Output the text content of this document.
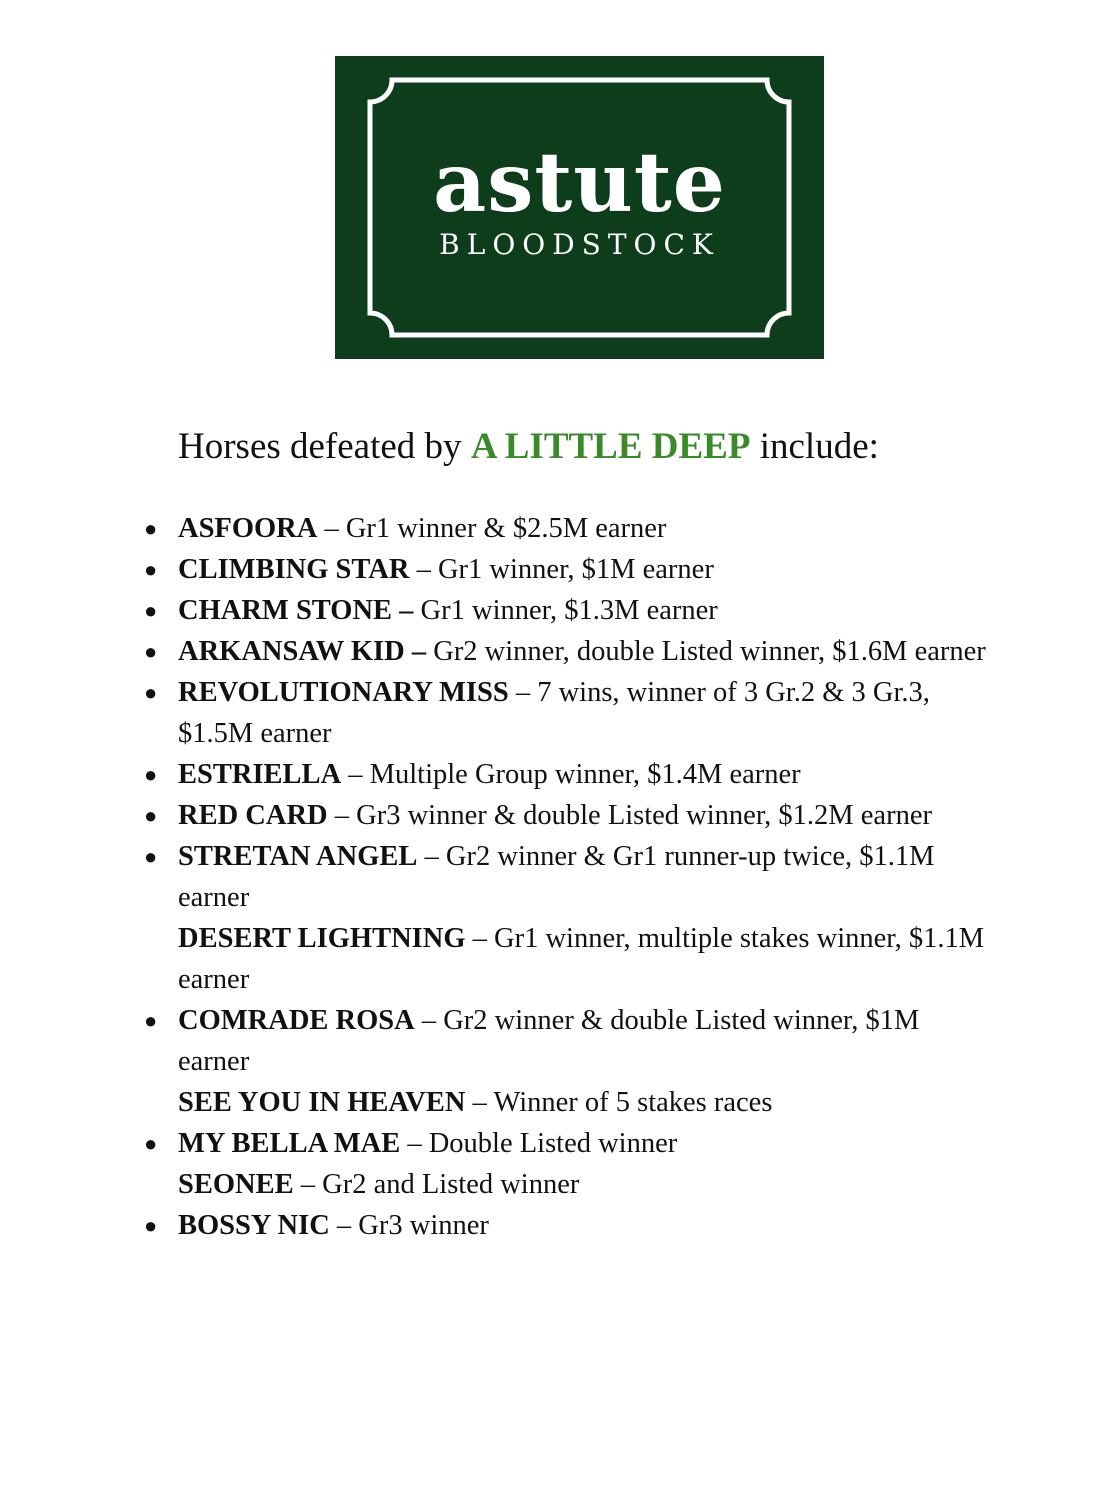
astute
BLOODSTOCK
Horses defeated by A LITTLE DEEP include:
● ASFOORA – Gr1 winner & $2.5M earner
● CLIMBING STAR – Gr1 winner, $1M earner
● CHARM STONE – Gr1 winner, $1.3M earner
● ARKANSAW KID – Gr2 winner, double Listed winner, $1.6M earner
● REVOLUTIONARY MISS – 7 wins, winner of 3 Gr.2 & 3 Gr.3, $1.5M earner
● ESTRIELLA – Multiple Group winner, $1.4M earner
● RED CARD – Gr3 winner & double Listed winner, $1.2M earner
● STRETAN ANGEL – Gr2 winner & Gr1 runner-up twice, $1.1M earner
DESERT LIGHTNING – Gr1 winner, multiple stakes winner, $1.1M earner
● COMRADE ROSA – Gr2 winner & double Listed winner, $1M earner
SEE YOU IN HEAVEN – Winner of 5 stakes races
● MY BELLA MAE – Double Listed winner
SEONEE – Gr2 and Listed winner
● BOSSY NIC – Gr3 winner
